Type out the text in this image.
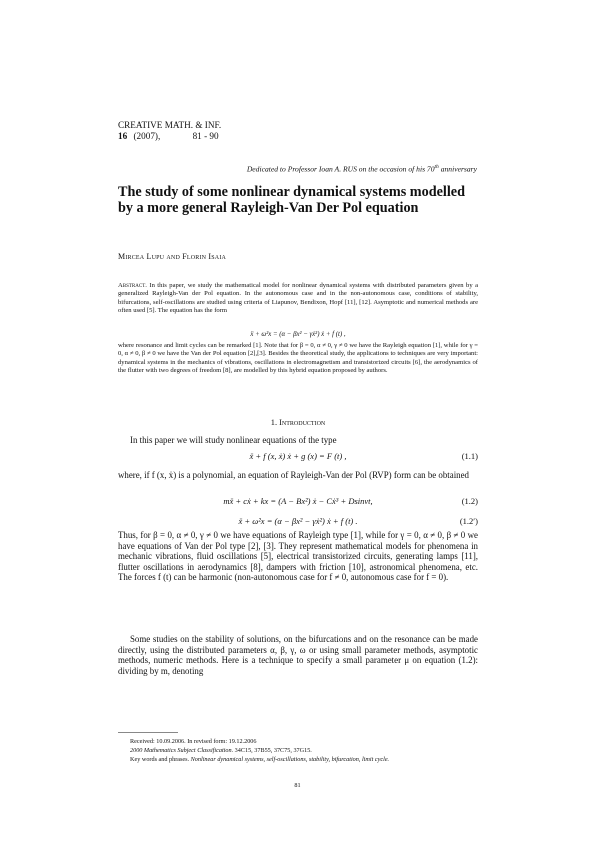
CREATIVE MATH. & INF.
16 (2007),	81 - 90
Dedicated to Professor Ioan A. RUS on the occasion of his 70th anniversary
The study of some nonlinear dynamical systems modelled by a more general Rayleigh-Van Der Pol equation
Mircea Lupu and Florin Isaia
Abstract. In this paper, we study the mathematical model for nonlinear dynamical systems with distributed parameters given by a generalized Rayleigh-Van der Pol equation. In the autonomous case and in the non-autonomous case, conditions of stability, bifurcations, self-oscillations are studied using criteria of Liapunov, Bendixon, Hopf [11], [12]. Asymptotic and numerical methods are often used [5]. The equation has the form
ẍ + ω²x = (α − βx² − γẋ²) ẋ + f (t) ,
where resonance and limit cycles can be remarked [1]. Note that for β = 0, α ≠ 0, γ ≠ 0 we have the Rayleigh equation [1], while for γ = 0, α ≠ 0, β ≠ 0 we have the Van der Pol equation [2],[3]. Besides the theoretical study, the applications to techniques are very important: dynamical systems in the mechanics of vibrations, oscillations in electromagnetism and transistorized circuits [6], the aerodynamics of the flutter with two degrees of freedom [8], are modelled by this hybrid equation proposed by authors.
1. Introduction
In this paper we will study nonlinear equations of the type
ẍ + f (x, ẋ) ẋ + g (x) = F (t) ,	(1.1)
where, if f (x, ẋ) is a polynomial, an equation of Rayleigh-Van der Pol (RVP) form can be obtained
mẍ + cẋ + kx = (A − Bx²) ẋ − Cẋ³ + Dsinνt,	(1.2)
ẍ + ω²x = (α − βx² − γẋ²) ẋ + f (t) .	(1.2′)
Thus, for β = 0, α ≠ 0, γ ≠ 0 we have equations of Rayleigh type [1], while for γ = 0, α ≠ 0, β ≠ 0 we have equations of Van der Pol type [2], [3]. They represent mathematical models for phenomena in mechanic vibrations, fluid oscillations [5], electrical transistorized circuits, generating lamps [11], flutter oscillations in aerodynamics [8], dampers with friction [10], astronomical phenomena, etc. The forces f (t) can be harmonic (non-autonomous case for f ≠ 0, autonomous case for f = 0).
Some studies on the stability of solutions, on the bifurcations and on the resonance can be made directly, using the distributed parameters α, β, γ, ω or using small parameter methods, asymptotic methods, numeric methods. Here is a technique to specify a small parameter μ on equation (1.2): dividing by m, denoting
Received: 10.09.2006. In revised form: 19.12.2006
2000 Mathematics Subject Classification. 34C15, 37B55, 37C75, 37G15.
Key words and phrases. Nonlinear dynamical systems, self-oscillations, stability, bifurcation, limit cycle.
81
